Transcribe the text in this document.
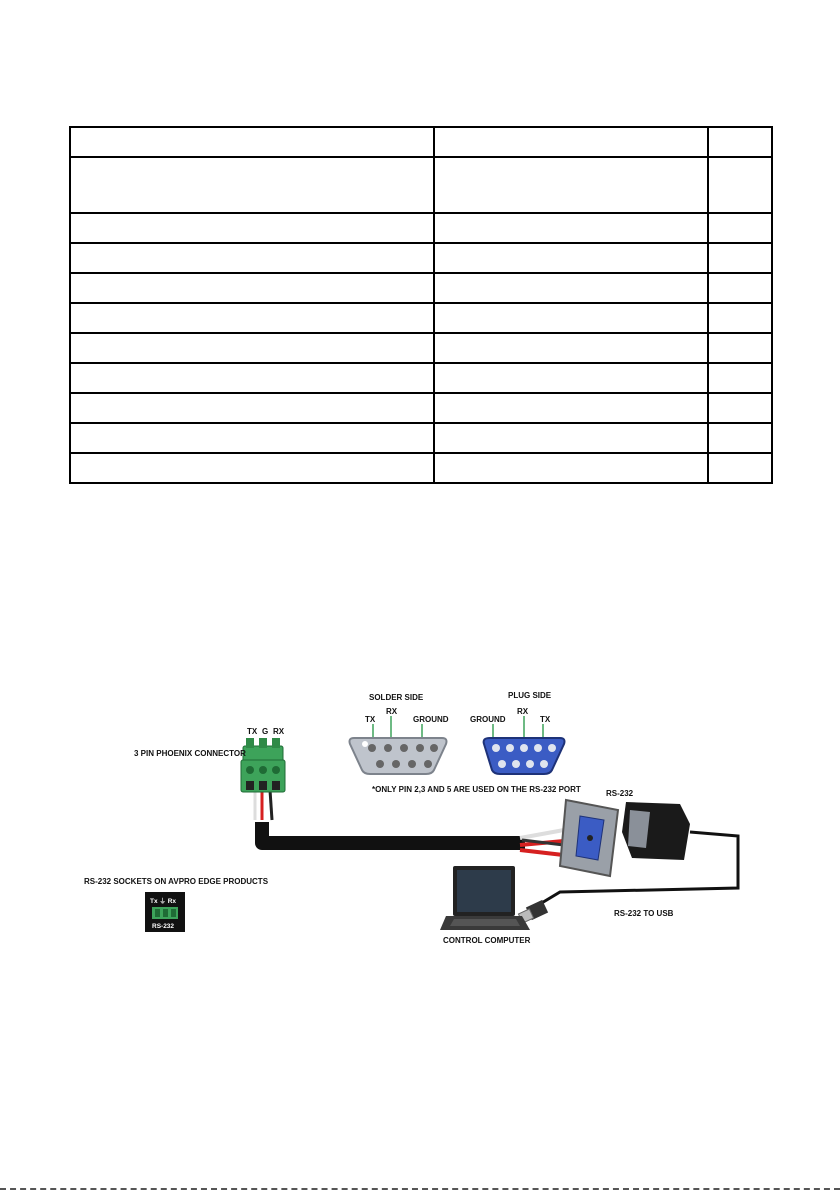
3 PIN PHOENIX CONNECTOR
TX G RX
SOLDER SIDE
TX
RX
GROUND
PLUG SIDE
GROUND
RX
TX
*ONLY PIN 2,3 AND 5 ARE USED ON THE RS-232 PORT	RS-232
RS-232 TO USB
CONTROL COMPUTER
RS-232 SOCKETS ON AVPRO EDGE PRODUCTS
Tx ⏚ Rx
RS-232
